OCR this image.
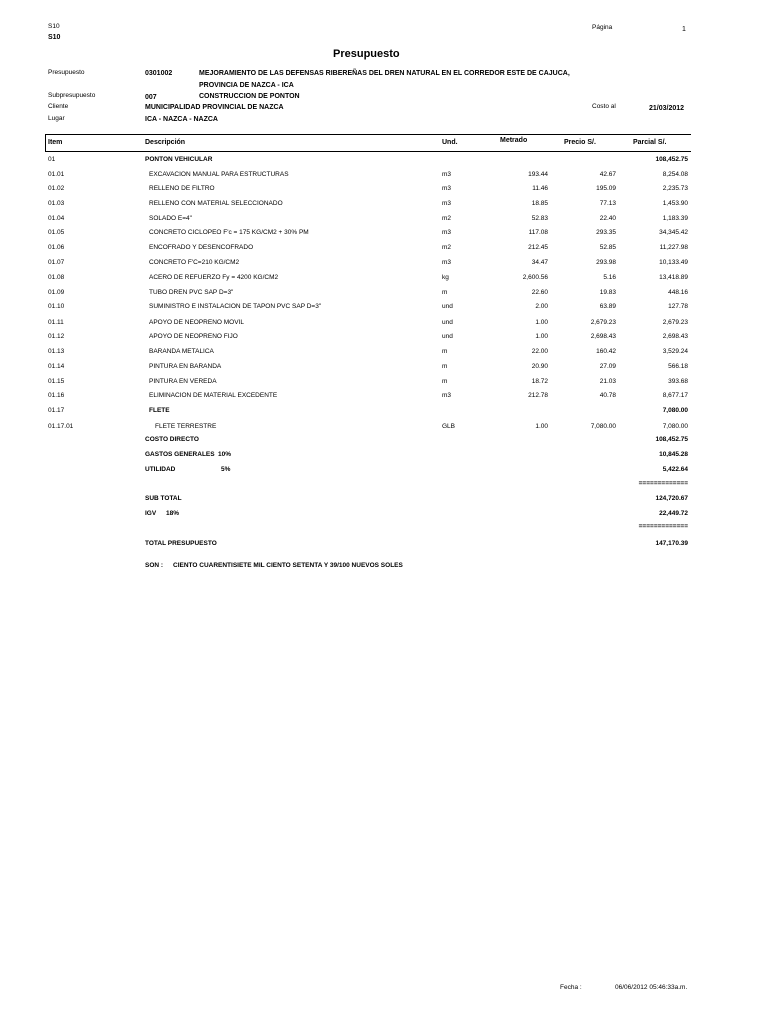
S10
S10
Página	1
Presupuesto
Presupuesto	0301002	MEJORAMIENTO DE LAS DEFENSAS RIBEREÑAS DEL DREN NATURAL EN EL CORREDOR ESTE DE CAJUCA,
PROVINCIA DE NAZCA - ICA
Subpresupuesto	007	CONSTRUCCION DE PONTON
Cliente	MUNICIPALIDAD PROVINCIAL DE NAZCA	Costo al	21/03/2012
Lugar	ICA - NAZCA - NAZCA
Item	Descripción	Und.	Metrado	Precio S/.	Parcial S/.
01	PONTON VEHICULAR	108,452.75
01.01	EXCAVACION MANUAL PARA ESTRUCTURAS	m3	193.44	42.67	8,254.08
01.02	RELLENO DE FILTRO	m3	11.46	195.09	2,235.73
01.03	RELLENO CON MATERIAL SELECCIONADO	m3	18.85	77.13	1,453.90
01.04	SOLADO E=4"	m2	52.83	22.40	1,183.39
01.05	CONCRETO CICLOPEO F'c = 175 KG/CM2 + 30% PM	m3	117.08	293.35	34,345.42
01.06	ENCOFRADO Y DESENCOFRADO	m2	212.45	52.85	11,227.98
01.07	CONCRETO F'C=210 KG/CM2	m3	34.47	293.98	10,133.49
01.08	ACERO DE REFUERZO Fy = 4200 KG/CM2	kg	2,600.56	5.16	13,418.89
01.09	TUBO DREN PVC SAP D=3"	m	22.60	19.83	448.16
01.10	SUMINISTRO E INSTALACION DE TAPON PVC SAP D=3"	und	2.00	63.89	127.78
01.11	APOYO DE NEOPRENO MOVIL	und	1.00	2,679.23	2,679.23
01.12	APOYO DE NEOPRENO FIJO	und	1.00	2,698.43	2,698.43
01.13	BARANDA METALICA	m	22.00	160.42	3,529.24
01.14	PINTURA EN BARANDA	m	20.90	27.09	566.18
01.15	PINTURA EN VEREDA	m	18.72	21.03	393.68
01.16	ELIMINACION DE MATERIAL EXCEDENTE	m3	212.78	40.78	8,677.17
01.17	FLETE	7,080.00
01.17.01	FLETE TERRESTRE	GLB	1.00	7,080.00	7,080.00
COSTO DIRECTO	108,452.75
GASTOS GENERALES 10%	10,845.28
UTILIDAD	5%	5,422.64
=============
SUB TOTAL	124,720.67
IGV 18%	22,449.72
=============
TOTAL PRESUPUESTO	147,170.39
SON : CIENTO CUARENTISIETE MIL CIENTO SETENTA Y 39/100 NUEVOS SOLES
Fecha :	06/06/2012 05:46:33a.m.
